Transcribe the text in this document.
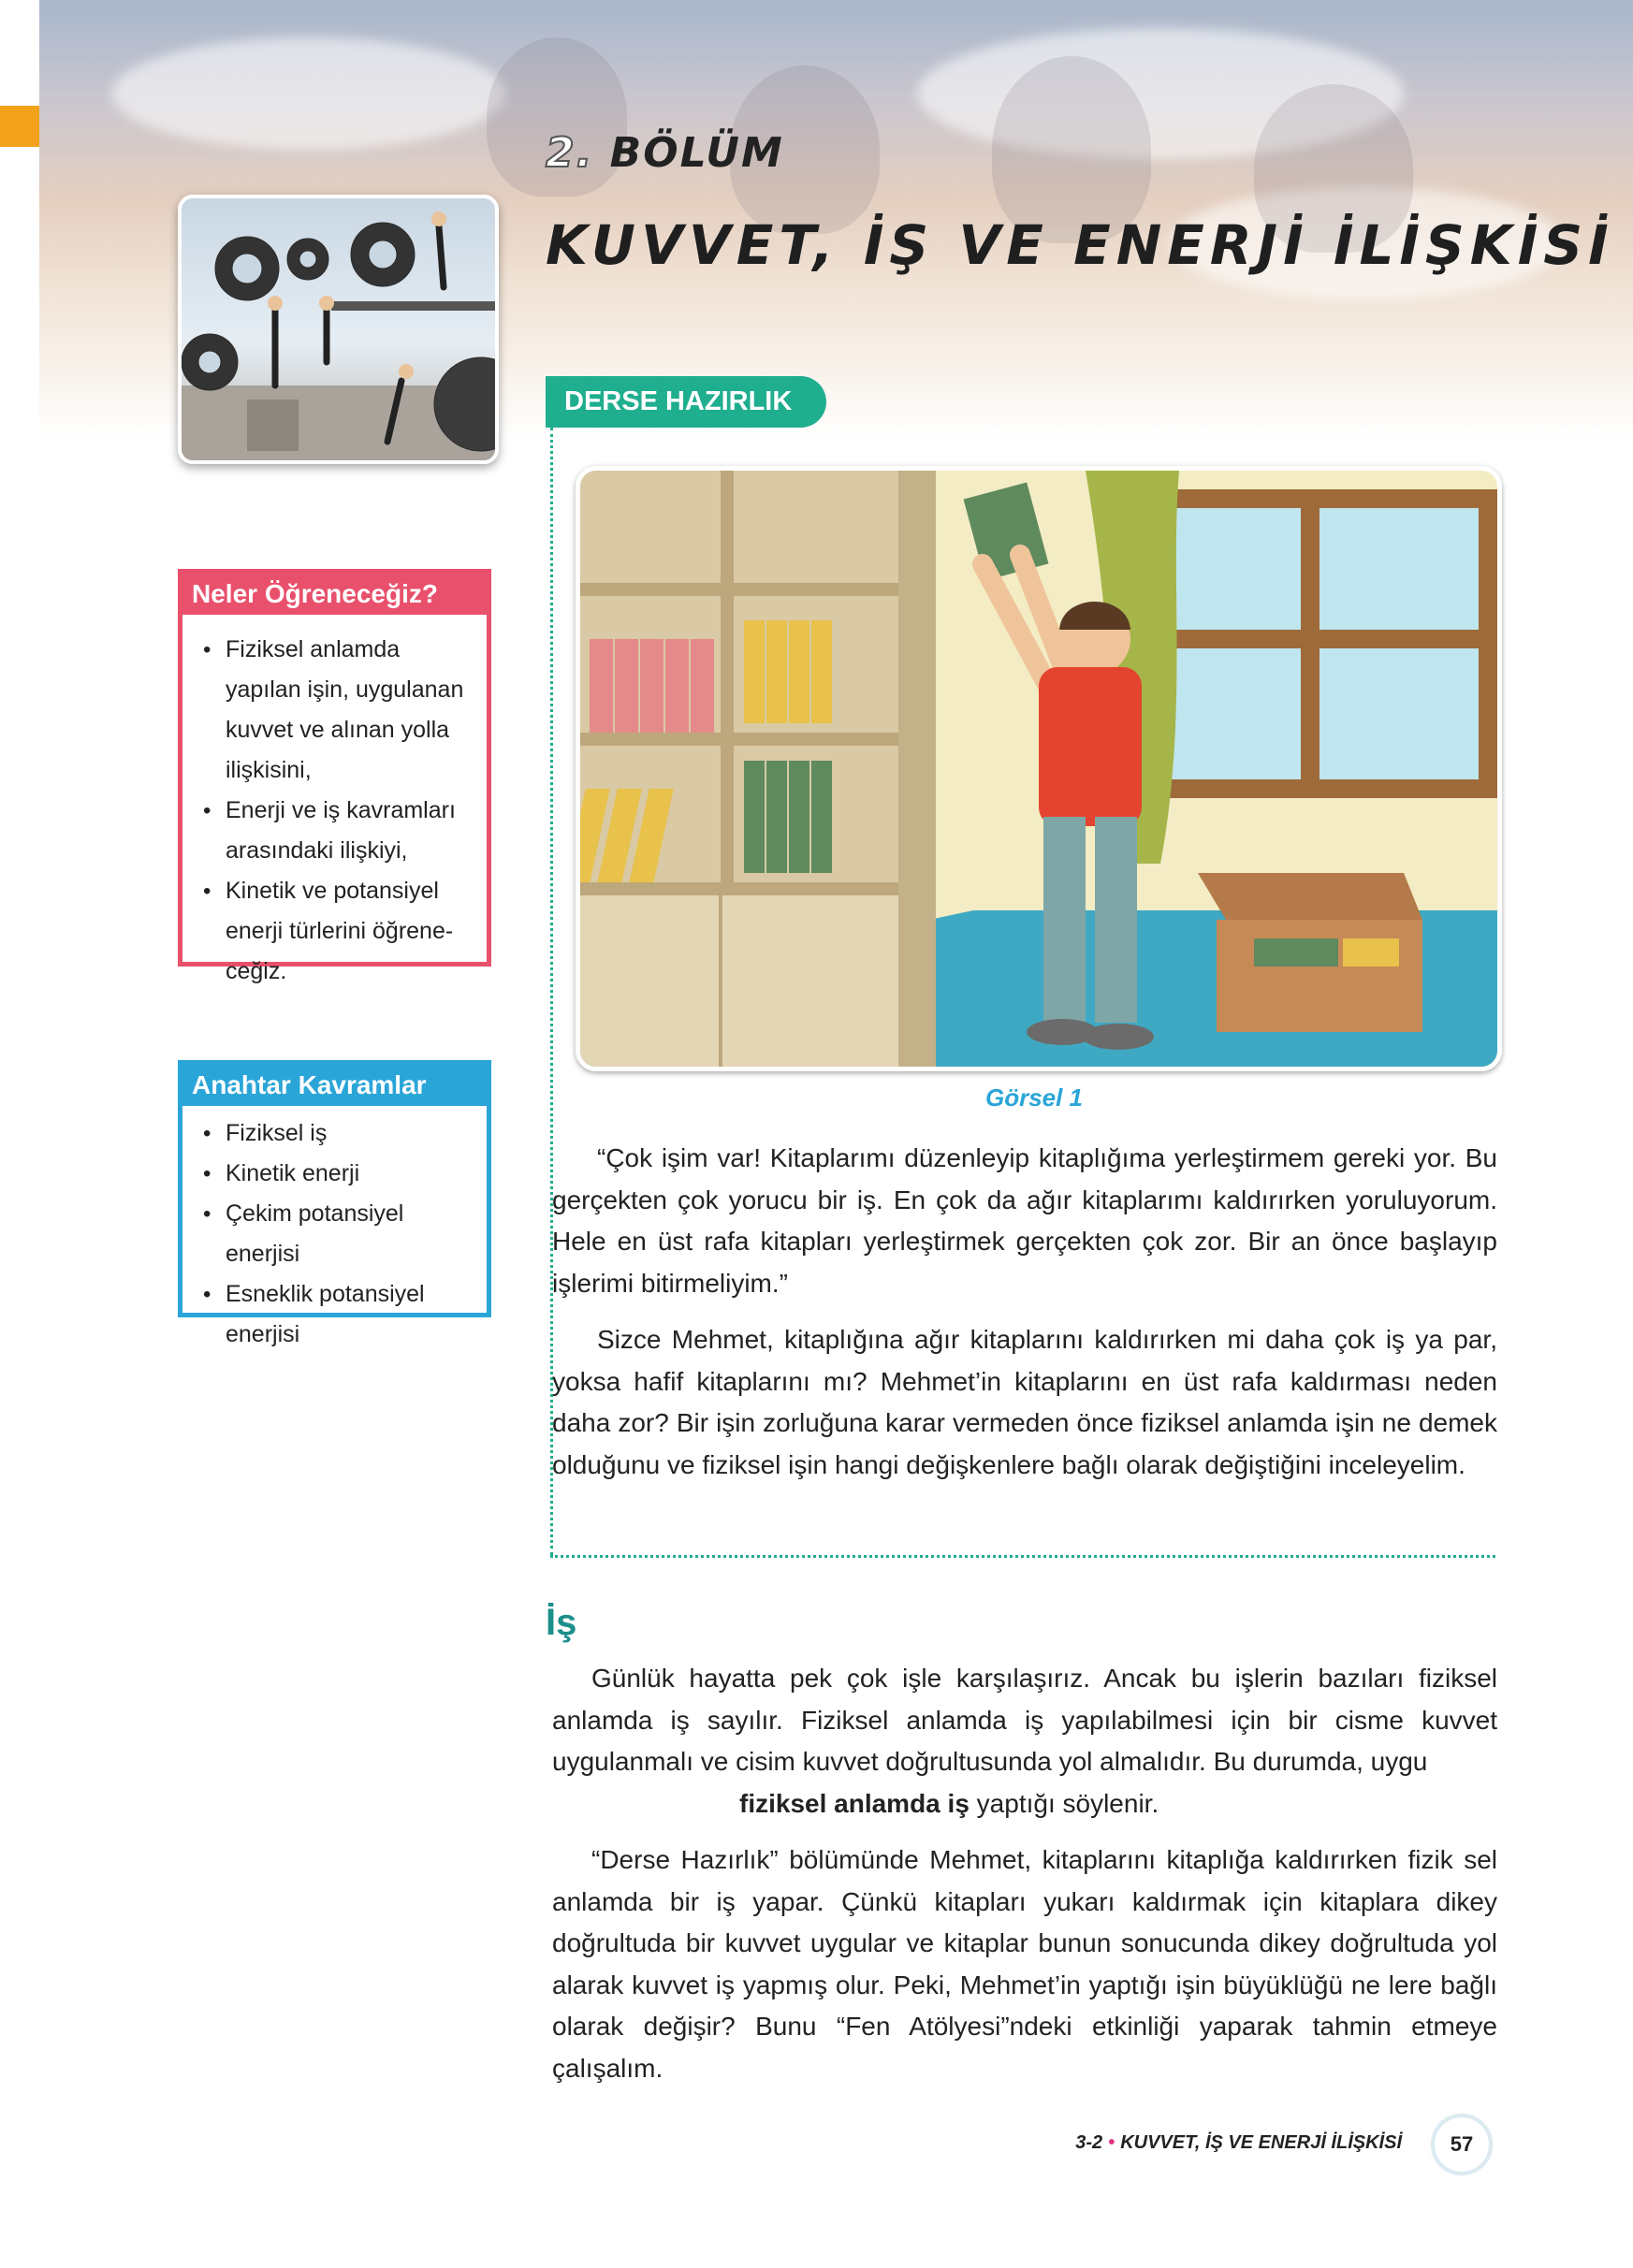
2. BÖLÜM
KUVVET, İŞ VE ENERJİ İLİŞKİSİ
Neler Öğreneceğiz?
• Fiziksel anlamda yapılan işin, uygulanan kuvvet ve alınan yolla ilişkisini,
• Enerji ve iş kavramları arasındaki ilişkiyi,
• Kinetik ve potansiyel enerji türlerini öğrene- ceğiz.
Anahtar Kavramlar
• Fiziksel iş
• Kinetik enerji
• Çekim potansiyel enerjisi
• Esneklik potansiyel enerjisi
DERSE HAZIRLIK
Görsel 1

“Çok işim var! Kitaplarımı düzenleyip kitaplığıma yerleştirmem gereki yor. Bu gerçekten çok yorucu bir iş. En çok da ağır kitaplarımı kaldırırken yoruluyorum. Hele en üst rafa kitapları yerleştirmek gerçekten çok zor. Bir an önce başlayıp işlerimi bitirmeliyim.”

Sizce Mehmet, kitaplığına ağır kitaplarını kaldırırken mi daha çok iş ya par, yoksa hafif kitaplarını mı? Mehmet’in kitaplarını en üst rafa kaldırması neden daha zor? Bir işin zorluğuna karar vermeden önce fiziksel anlamda işin ne demek olduğunu ve fiziksel işin hangi değişkenlere bağlı olarak değiştiğini inceleyelim.

İş

Günlük hayatta pek çok işle karşılaşırız. Ancak bu işlerin bazıları fiziksel anlamda iş sayılır. Fiziksel anlamda iş yapılabilmesi için bir cisme kuvvet uygulanmalı ve cisim kuvvet doğrultusunda yol almalıdır. Bu durumda, uygu
fiziksel anlamda iş yaptığı söylenir.

“Derse Hazırlık” bölümünde Mehmet, kitaplarını kitaplığa kaldırırken fizik sel anlamda bir iş yapar. Çünkü kitapları yukarı kaldırmak için kitaplara dikey doğrultuda bir kuvvet uygular ve kitaplar bunun sonucunda dikey doğrultuda yol alarak kuvvet iş yapmış olur. Peki, Mehmet’in yaptığı işin büyüklüğü ne lere bağlı olarak değişir? Bunu “Fen Atölyesi”ndeki etkinliği yaparak tahmin etmeye çalışalım.

3-2 • KUVVET, İŞ VE ENERJİ İLİŞKİSİ	57
